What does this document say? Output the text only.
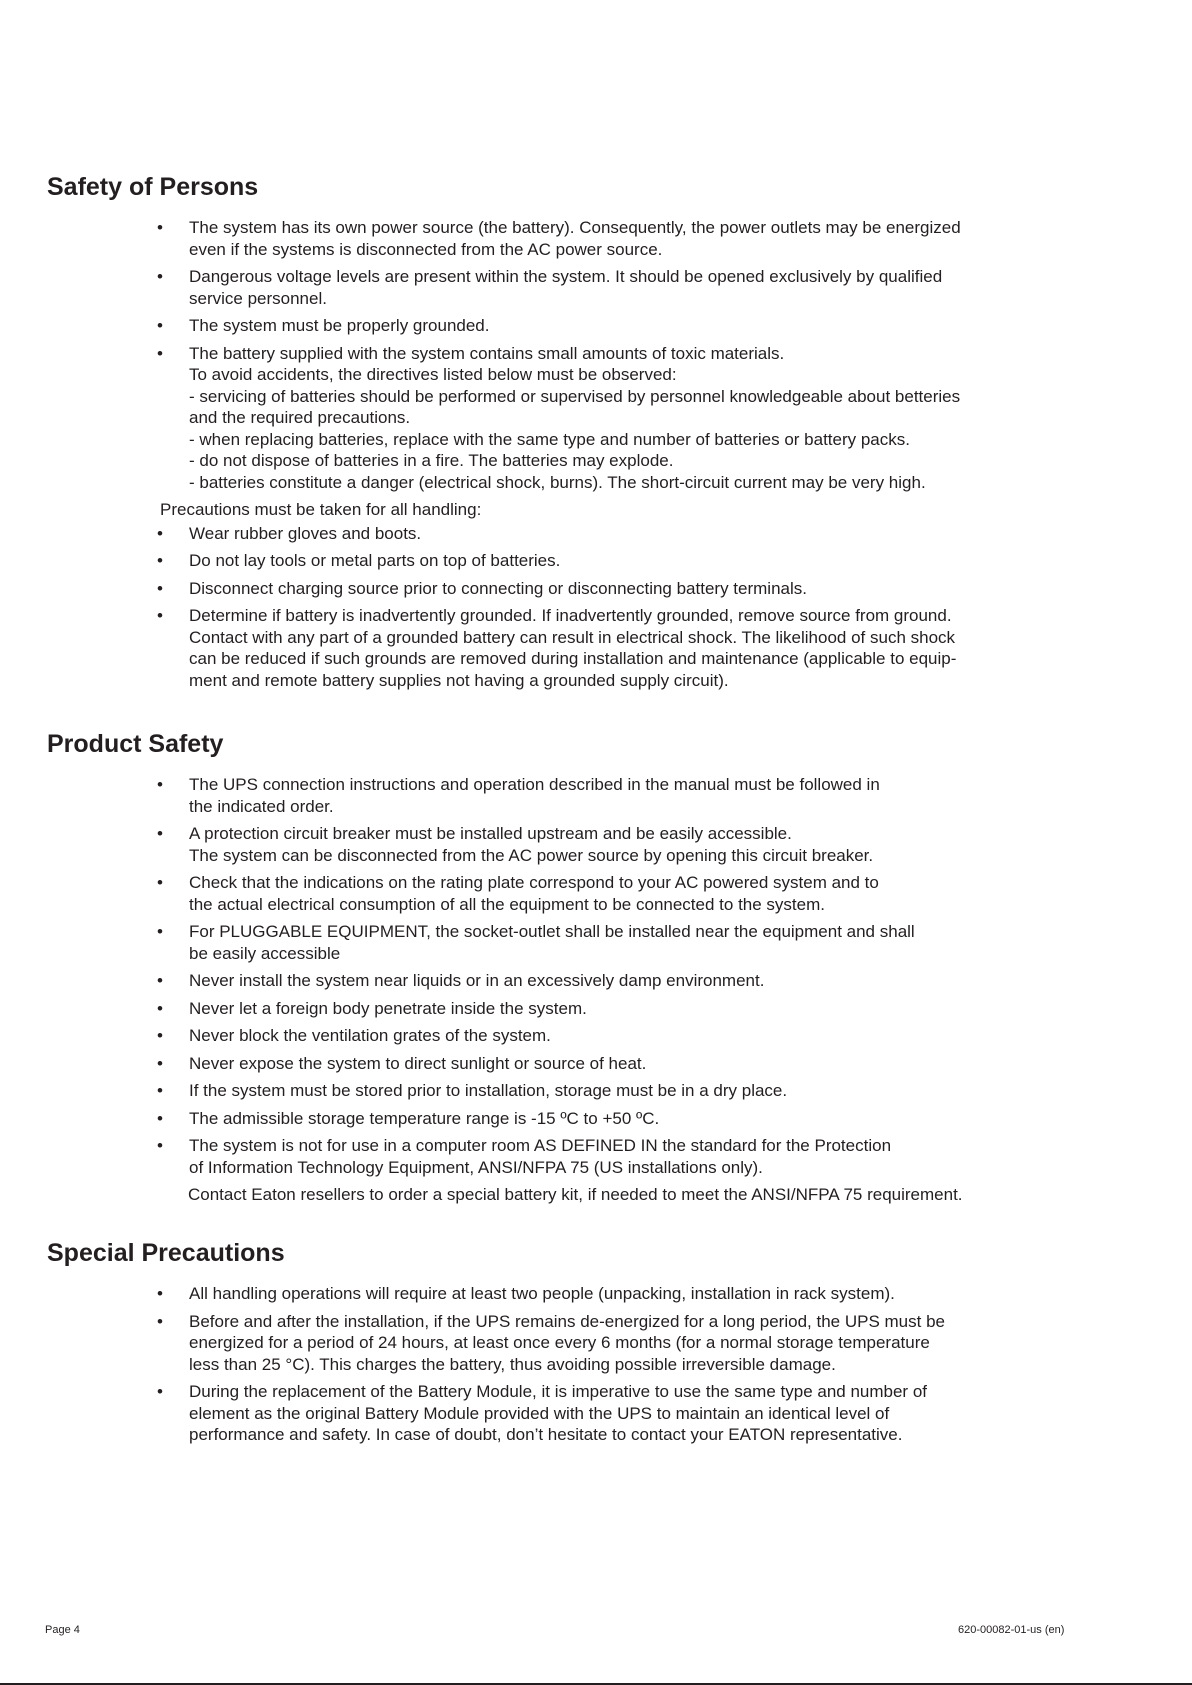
Safety of Persons
• The system has its own power source (the battery). Consequently, the power outlets may be energized
even if the systems is disconnected from the AC power source.
• Dangerous voltage levels are present within the system. It should be opened exclusively by qualified
service personnel.
• The system must be properly grounded.
• The battery supplied with the system contains small amounts of toxic materials.
To avoid accidents, the directives listed below must be observed:
- servicing of batteries should be performed or supervised by personnel knowledgeable about betteries
and the required precautions.
- when replacing batteries, replace with the same type and number of batteries or battery packs.
- do not dispose of batteries in a fire. The batteries may explode.
- batteries constitute a danger (electrical shock, burns). The short-circuit current may be very high.

Precautions must be taken for all handling:

• Wear rubber gloves and boots.
• Do not lay tools or metal parts on top of batteries.
• Disconnect charging source prior to connecting or disconnecting battery terminals.
• Determine if battery is inadvertently grounded. If inadvertently grounded, remove source from ground.
Contact with any part of a grounded battery can result in electrical shock. The likelihood of such shock
can be reduced if such grounds are removed during installation and maintenance (applicable to equip-
ment and remote battery supplies not having a grounded supply circuit).
Product Safety
• The UPS connection instructions and operation described in the manual must be followed in
the indicated order.
• A protection circuit breaker must be installed upstream and be easily accessible.
The system can be disconnected from the AC power source by opening this circuit breaker.
• Check that the indications on the rating plate correspond to your AC powered system and to
the actual electrical consumption of all the equipment to be connected to the system.
• For PLUGGABLE EQUIPMENT, the socket-outlet shall be installed near the equipment and shall
be easily accessible
• Never install the system near liquids or in an excessively damp environment.
• Never let a foreign body penetrate inside the system.
• Never block the ventilation grates of the system.
• Never expose the system to direct sunlight or source of heat.
• If the system must be stored prior to installation, storage must be in a dry place.
• The admissible storage temperature range is -15 ºC to +50 ºC.
• The system is not for use in a computer room AS DEFINED IN the standard for the Protection
of Information Technology Equipment, ANSI/NFPA 75 (US installations only).

Contact Eaton resellers to order a special battery kit, if needed to meet the ANSI/NFPA 75 requirement.

Special Precautions
• All handling operations will require at least two people (unpacking, installation in rack system).
• Before and after the installation, if the UPS remains de-energized for a long period, the UPS must be
energized for a period of 24 hours, at least once every 6 months (for a normal storage temperature
less than 25 °C). This charges the battery, thus avoiding possible irreversible damage.
• During the replacement of the Battery Module, it is imperative to use the same type and number of
element as the original Battery Module provided with the UPS to maintain an identical level of
performance and safety. In case of doubt, don’t hesitate to contact your EATON representative.
Page 4	620-00082-01-us (en)
